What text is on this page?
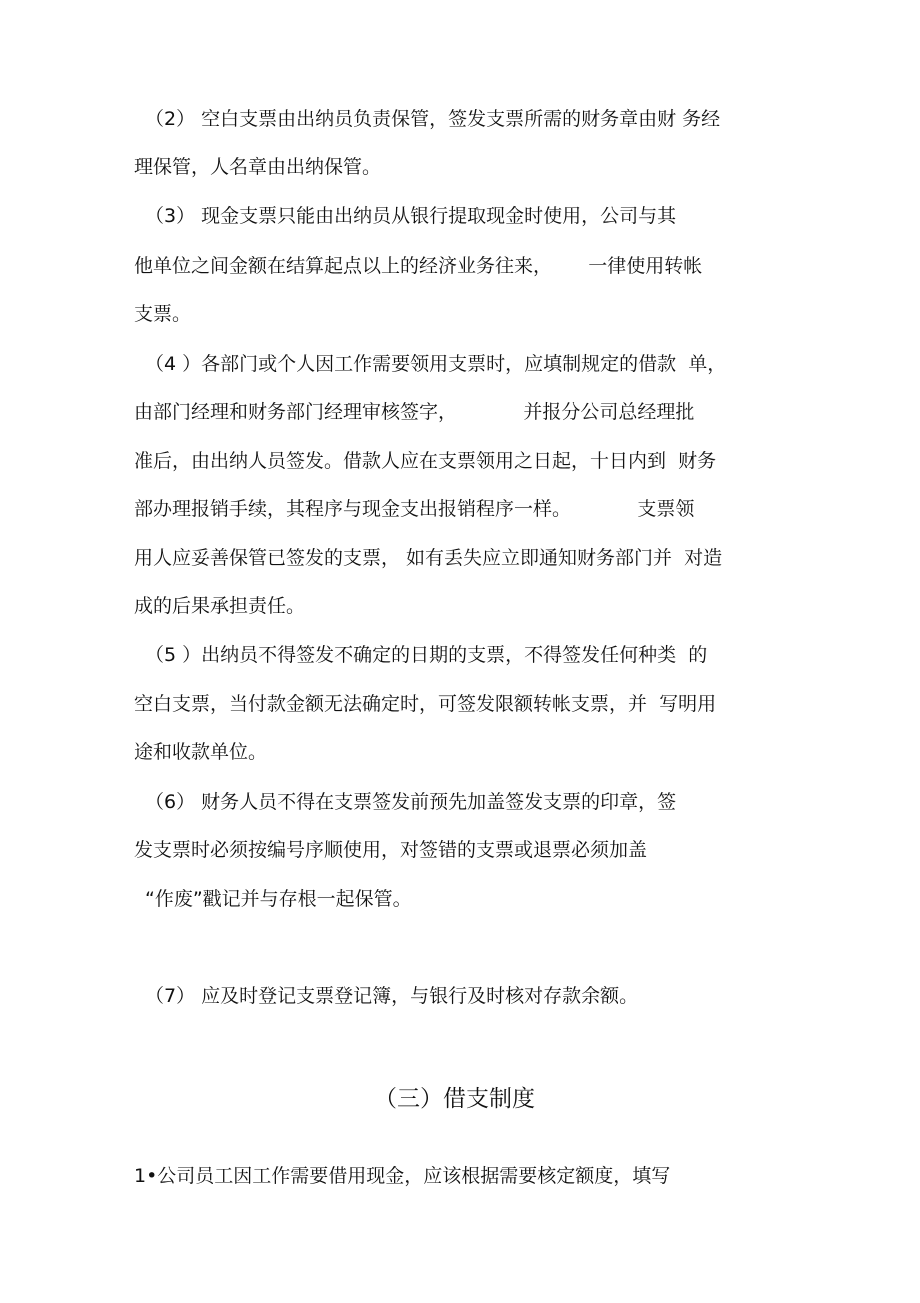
（2） 空白支票由出纳员负责保管，签发支票所需的财务章由财 务经

理保管，人名章由出纳保管。

（3） 现金支票只能由出纳员从银行提取现金时使用，公司与其

他单位之间金额在结算起点以上的经济业务往来，      一律使用转帐

支票。

（4 ）各部门或个人因工作需要领用支票时，应填制规定的借款  单，

由部门经理和财务部门经理审核签字，           并报分公司总经理批

准后，由出纳人员签发。借款人应在支票领用之日起，十日内到  财务

部办理报销手续，其程序与现金支出报销程序一样。           支票领

用人应妥善保管已签发的支票， 如有丢失应立即通知财务部门并  对造

成的后果承担责任。

（5 ）出纳员不得签发不确定的日期的支票，不得签发任何种类  的

空白支票，当付款金额无法确定时，可签发限额转帐支票，并  写明用

途和收款单位。

（6） 财务人员不得在支票签发前预先加盖签发支票的印章，签

发支票时必须按编号序顺使用，对签错的支票或退票必须加盖

“作废”戳记并与存根一起保管。

（7） 应及时登记支票登记簿，与银行及时核对存款余额。

（三）借支制度

1•公司员工因工作需要借用现金，应该根据需要核定额度，填写
